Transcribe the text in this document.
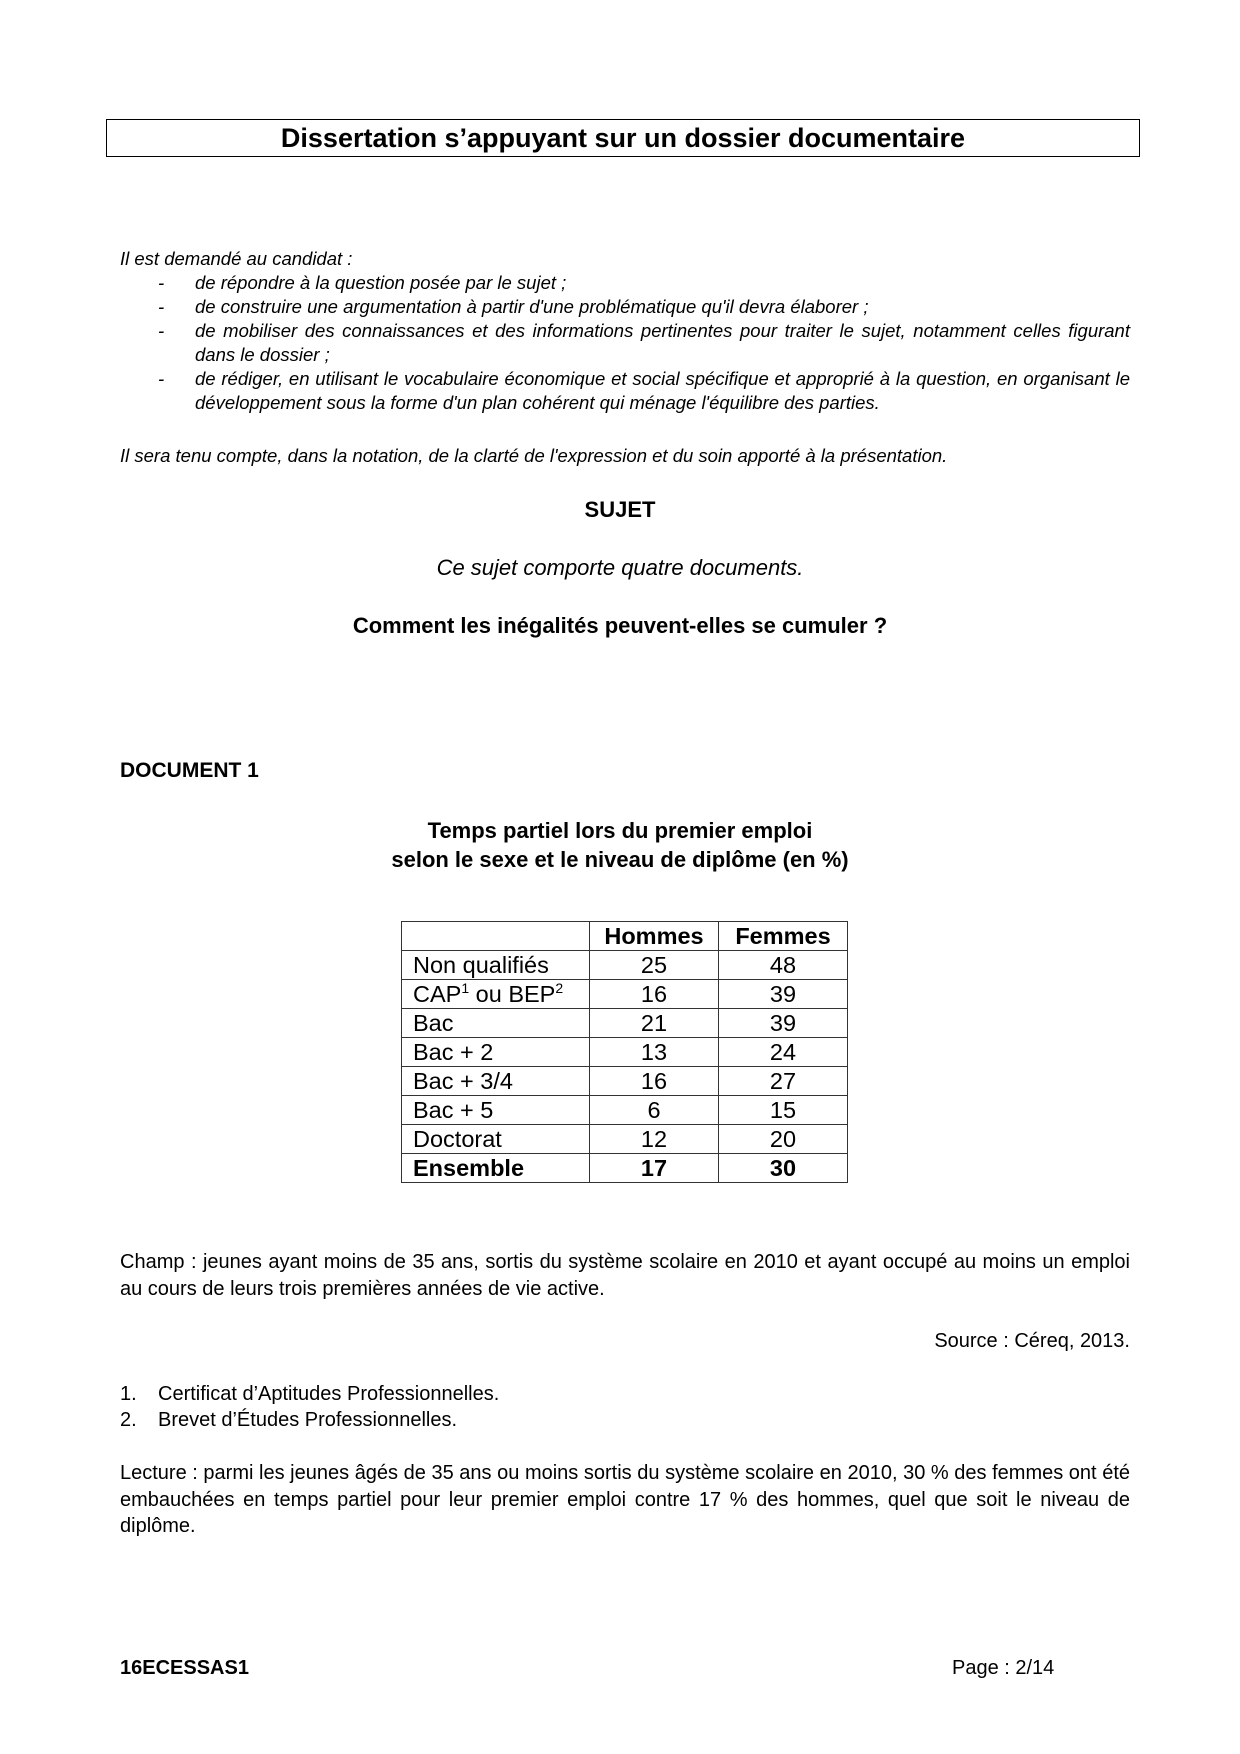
Dissertation s’appuyant sur un dossier documentaire
Il est demandé au candidat :
- de répondre à la question posée par le sujet ;
- de construire une argumentation à partir d'une problématique qu'il devra élaborer ;
- de mobiliser des connaissances et des informations pertinentes pour traiter le sujet, notamment celles figurant dans le dossier ;
- de rédiger, en utilisant le vocabulaire économique et social spécifique et approprié à la question, en organisant le développement sous la forme d'un plan cohérent qui ménage l'équilibre des parties.
Il sera tenu compte, dans la notation, de la clarté de l'expression et du soin apporté à la présentation.
SUJET
Ce sujet comporte quatre documents.
Comment les inégalités peuvent-elles se cumuler ?
DOCUMENT 1
Temps partiel lors du premier emploi
selon le sexe et le niveau de diplôme (en %)
	Hommes	Femmes
Non qualifiés	25	48
CAP$^1$ ou BEP$^2$	16	39
Bac	21	39
Bac + 2	13	24
Bac + 3/4	16	27
Bac + 5	6	15
Doctorat	12	20
Ensemble	17	30
Champ : jeunes ayant moins de 35 ans, sortis du système scolaire en 2010 et ayant occupé au moins un emploi au cours de leurs trois premières années de vie active.
Source : Céreq, 2013.
1. Certificat d’Aptitudes Professionnelles.
2. Brevet d’Études Professionnelles.
Lecture : parmi les jeunes âgés de 35 ans ou moins sortis du système scolaire en 2010, 30 % des femmes ont été embauchées en temps partiel pour leur premier emploi contre 17 % des hommes, quel que soit le niveau de diplôme.
16ECESSAS1	Page : 2/14
